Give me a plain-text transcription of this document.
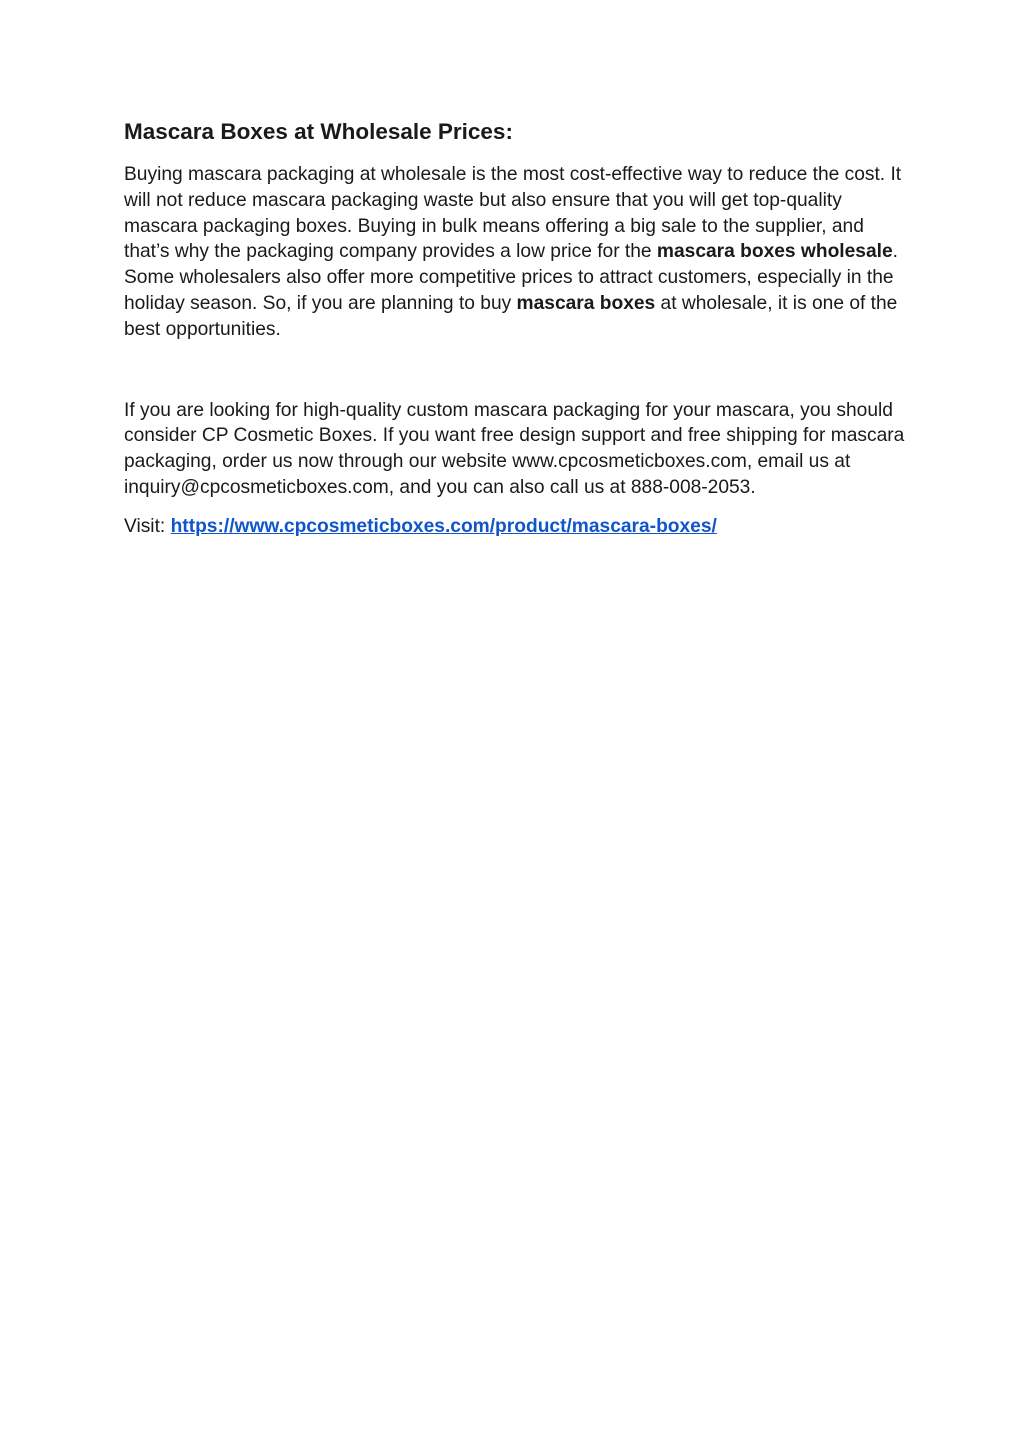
Mascara Boxes at Wholesale Prices:

Buying mascara packaging at wholesale is the most cost-effective way to reduce the cost. It will not reduce mascara packaging waste but also ensure that you will get top-quality mascara packaging boxes. Buying in bulk means offering a big sale to the supplier, and that’s why the packaging company provides a low price for the mascara boxes wholesale. Some wholesalers also offer more competitive prices to attract customers, especially in the holiday season. So, if you are planning to buy mascara boxes at wholesale, it is one of the best opportunities.

If you are looking for high-quality custom mascara packaging for your mascara, you should consider CP Cosmetic Boxes. If you want free design support and free shipping for mascara packaging, order us now through our website www.cpcosmeticboxes.com, email us at inquiry@cpcosmeticboxes.com, and you can also call us at 888-008-2053.

Visit: https://www.cpcosmeticboxes.com/product/mascara-boxes/
